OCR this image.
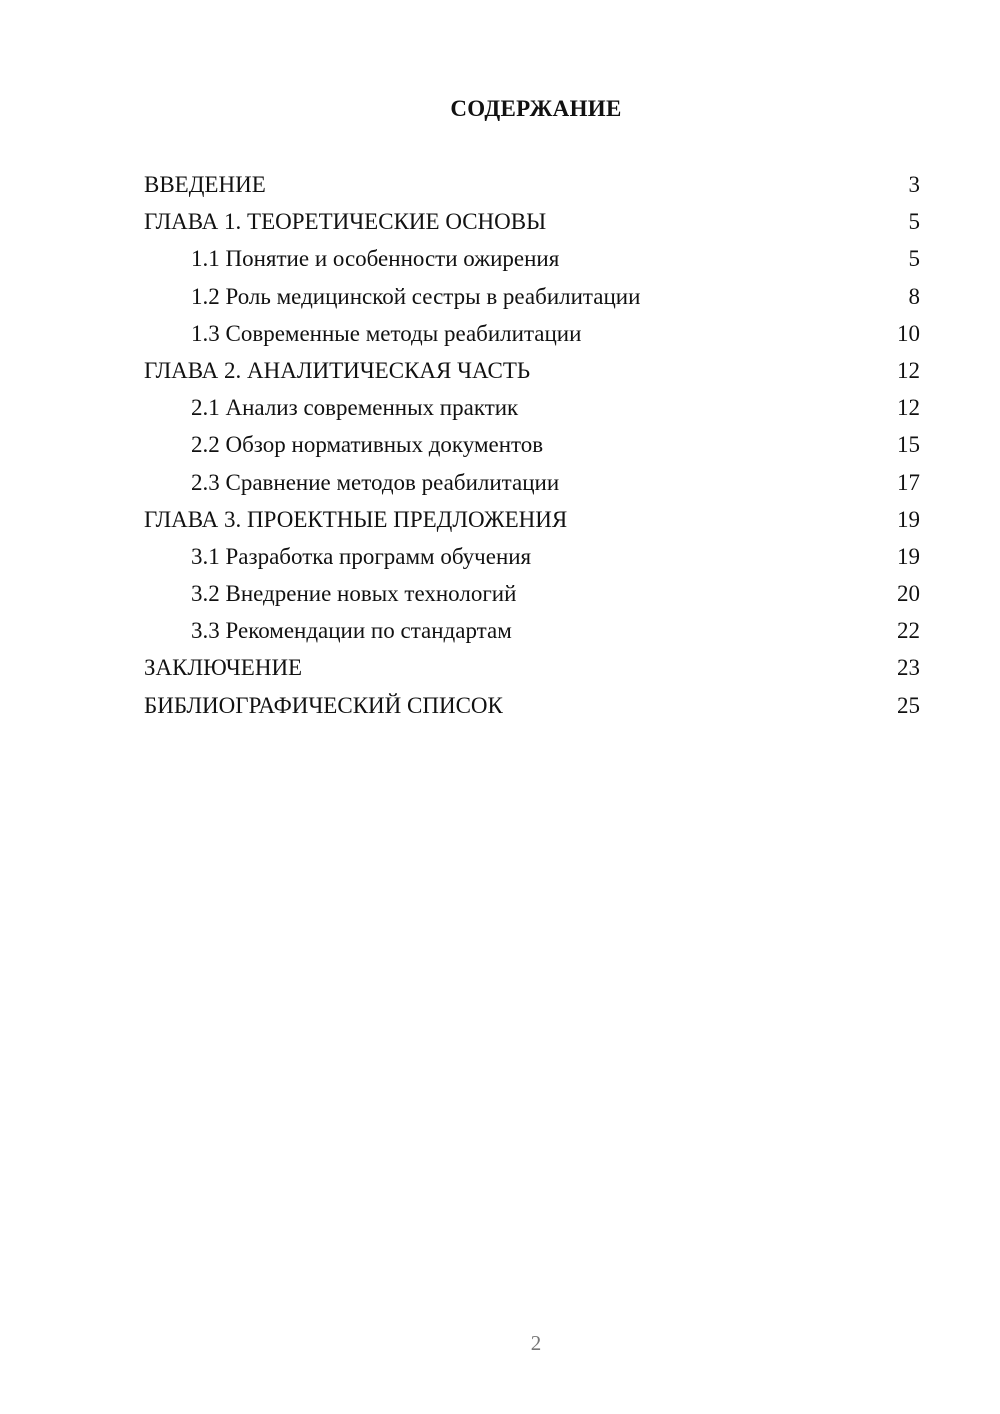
СОДЕРЖАНИЕ
ВВЕДЕНИЕ	3
ГЛАВА 1. ТЕОРЕТИЧЕСКИЕ ОСНОВЫ	5
1.1 Понятие и особенности ожирения	5
1.2 Роль медицинской сестры в реабилитации	8
1.3 Современные методы реабилитации	10
ГЛАВА 2. АНАЛИТИЧЕСКАЯ ЧАСТЬ	12
2.1 Анализ современных практик	12
2.2 Обзор нормативных документов	15
2.3 Сравнение методов реабилитации	17
ГЛАВА 3. ПРОЕКТНЫЕ ПРЕДЛОЖЕНИЯ	19
3.1 Разработка программ обучения	19
3.2 Внедрение новых технологий	20
3.3 Рекомендации по стандартам	22
ЗАКЛЮЧЕНИЕ	23
БИБЛИОГРАФИЧЕСКИЙ СПИСОК	25
2
